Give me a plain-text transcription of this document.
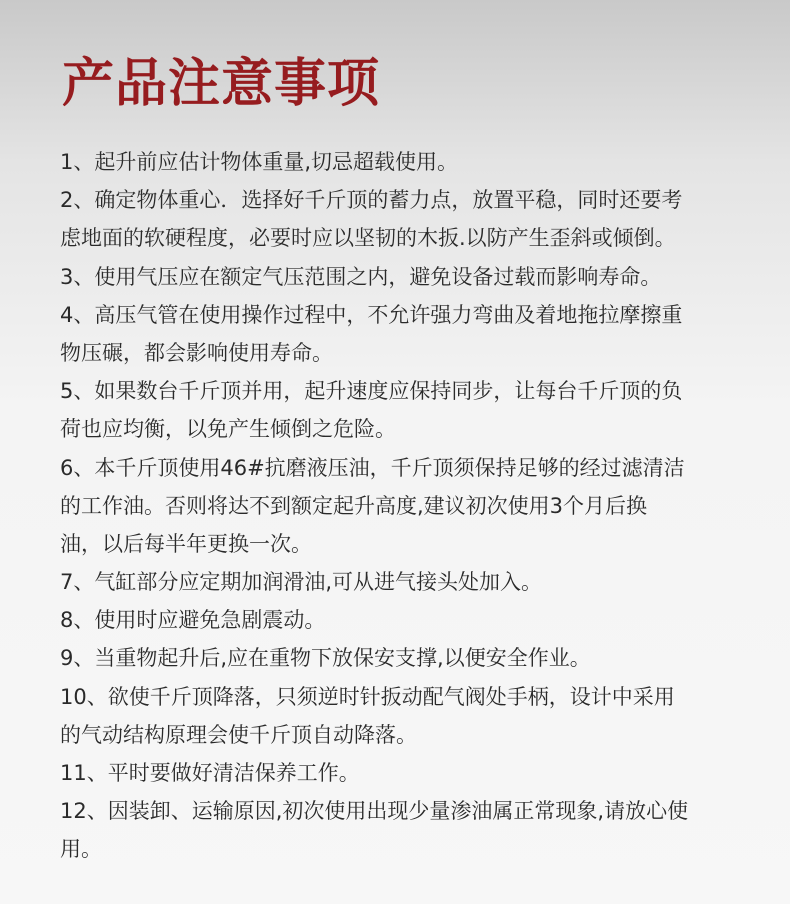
产品注意事项
1、起升前应估计物体重量,切忌超载使用。
2、确定物体重心．选择好千斤顶的蓄力点，放置平稳，同时还要考
虑地面的软硬程度，必要时应以坚韧的木扳.以防产生歪斜或倾倒。
3、使用气压应在额定气压范围之内，避免设备过载而影响寿命。
4、高压气管在使用操作过程中，不允许强力弯曲及着地拖拉摩擦重
物压碾，都会影响使用寿命。
5、如果数台千斤顶并用，起升速度应保持同步，让每台千斤顶的负
荷也应均衡，以免产生倾倒之危险。
6、本千斤顶使用46#抗磨液压油，千斤顶须保持足够的经过滤清洁
的工作油。否则将达不到额定起升高度,建议初次使用3个月后换
油，以后每半年更换一次。
7、气缸部分应定期加润滑油,可从进气接头处加入。
8、使用时应避免急剧震动。
9、当重物起升后,应在重物下放保安支撑,以便安全作业。
10、欲使千斤顶降落，只须逆时针扳动配气阀处手柄，设计中采用
的气动结构原理会使千斤顶自动降落。
11、平时要做好清洁保养工作。
12、因装卸、运输原因,初次使用出现少量渗油属正常现象,请放心使
用。
